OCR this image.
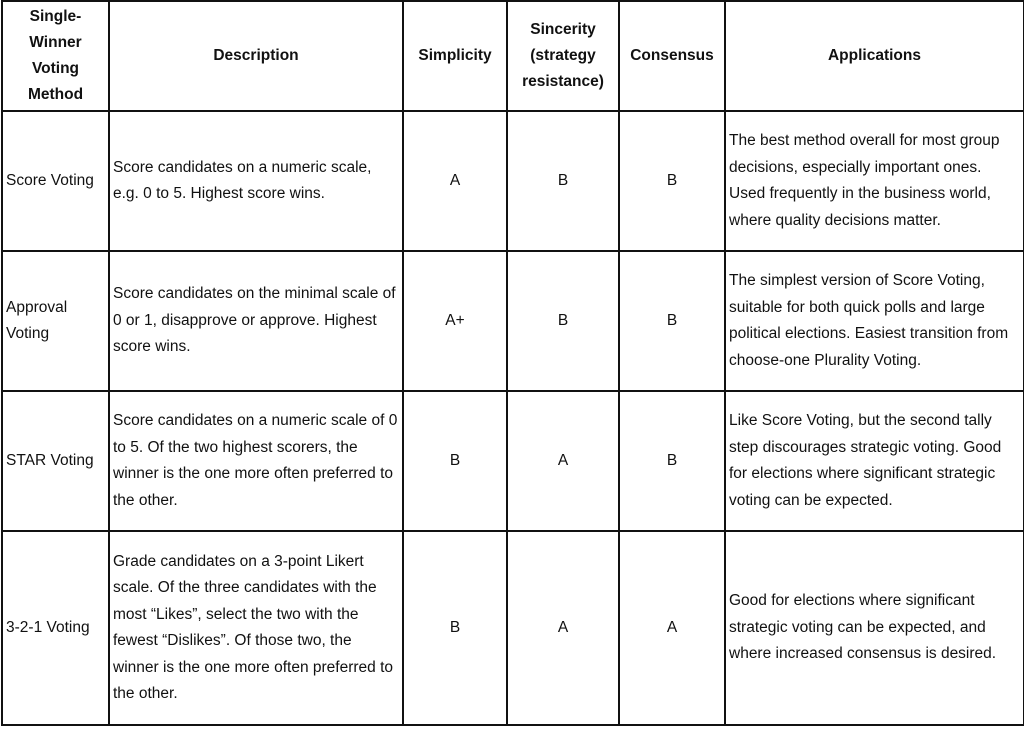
Single-Winner Voting Method	Description	Simplicity	Sincerity (strategy resistance)	Consensus	Applications
Score Voting	Score candidates on a numeric scale, e.g. 0 to 5. Highest score wins.	A	B	B	The best method overall for most group decisions, especially important ones. Used frequently in the business world, where quality decisions matter.
Approval Voting	Score candidates on the minimal scale of 0 or 1, disapprove or approve. Highest score wins.	A+	B	B	The simplest version of Score Voting, suitable for both quick polls and large political elections. Easiest transition from choose-one Plurality Voting.
STAR Voting	Score candidates on a numeric scale of 0 to 5. Of the two highest scorers, the winner is the one more often preferred to the other.	B	A	B	Like Score Voting, but the second tally step discourages strategic voting. Good for elections where significant strategic voting can be expected.
3-2-1 Voting	Grade candidates on a 3-point Likert scale. Of the three candidates with the most “Likes”, select the two with the fewest “Dislikes”. Of those two, the winner is the one more often preferred to the other.	B	A	A	Good for elections where significant strategic voting can be expected, and where increased consensus is desired.
